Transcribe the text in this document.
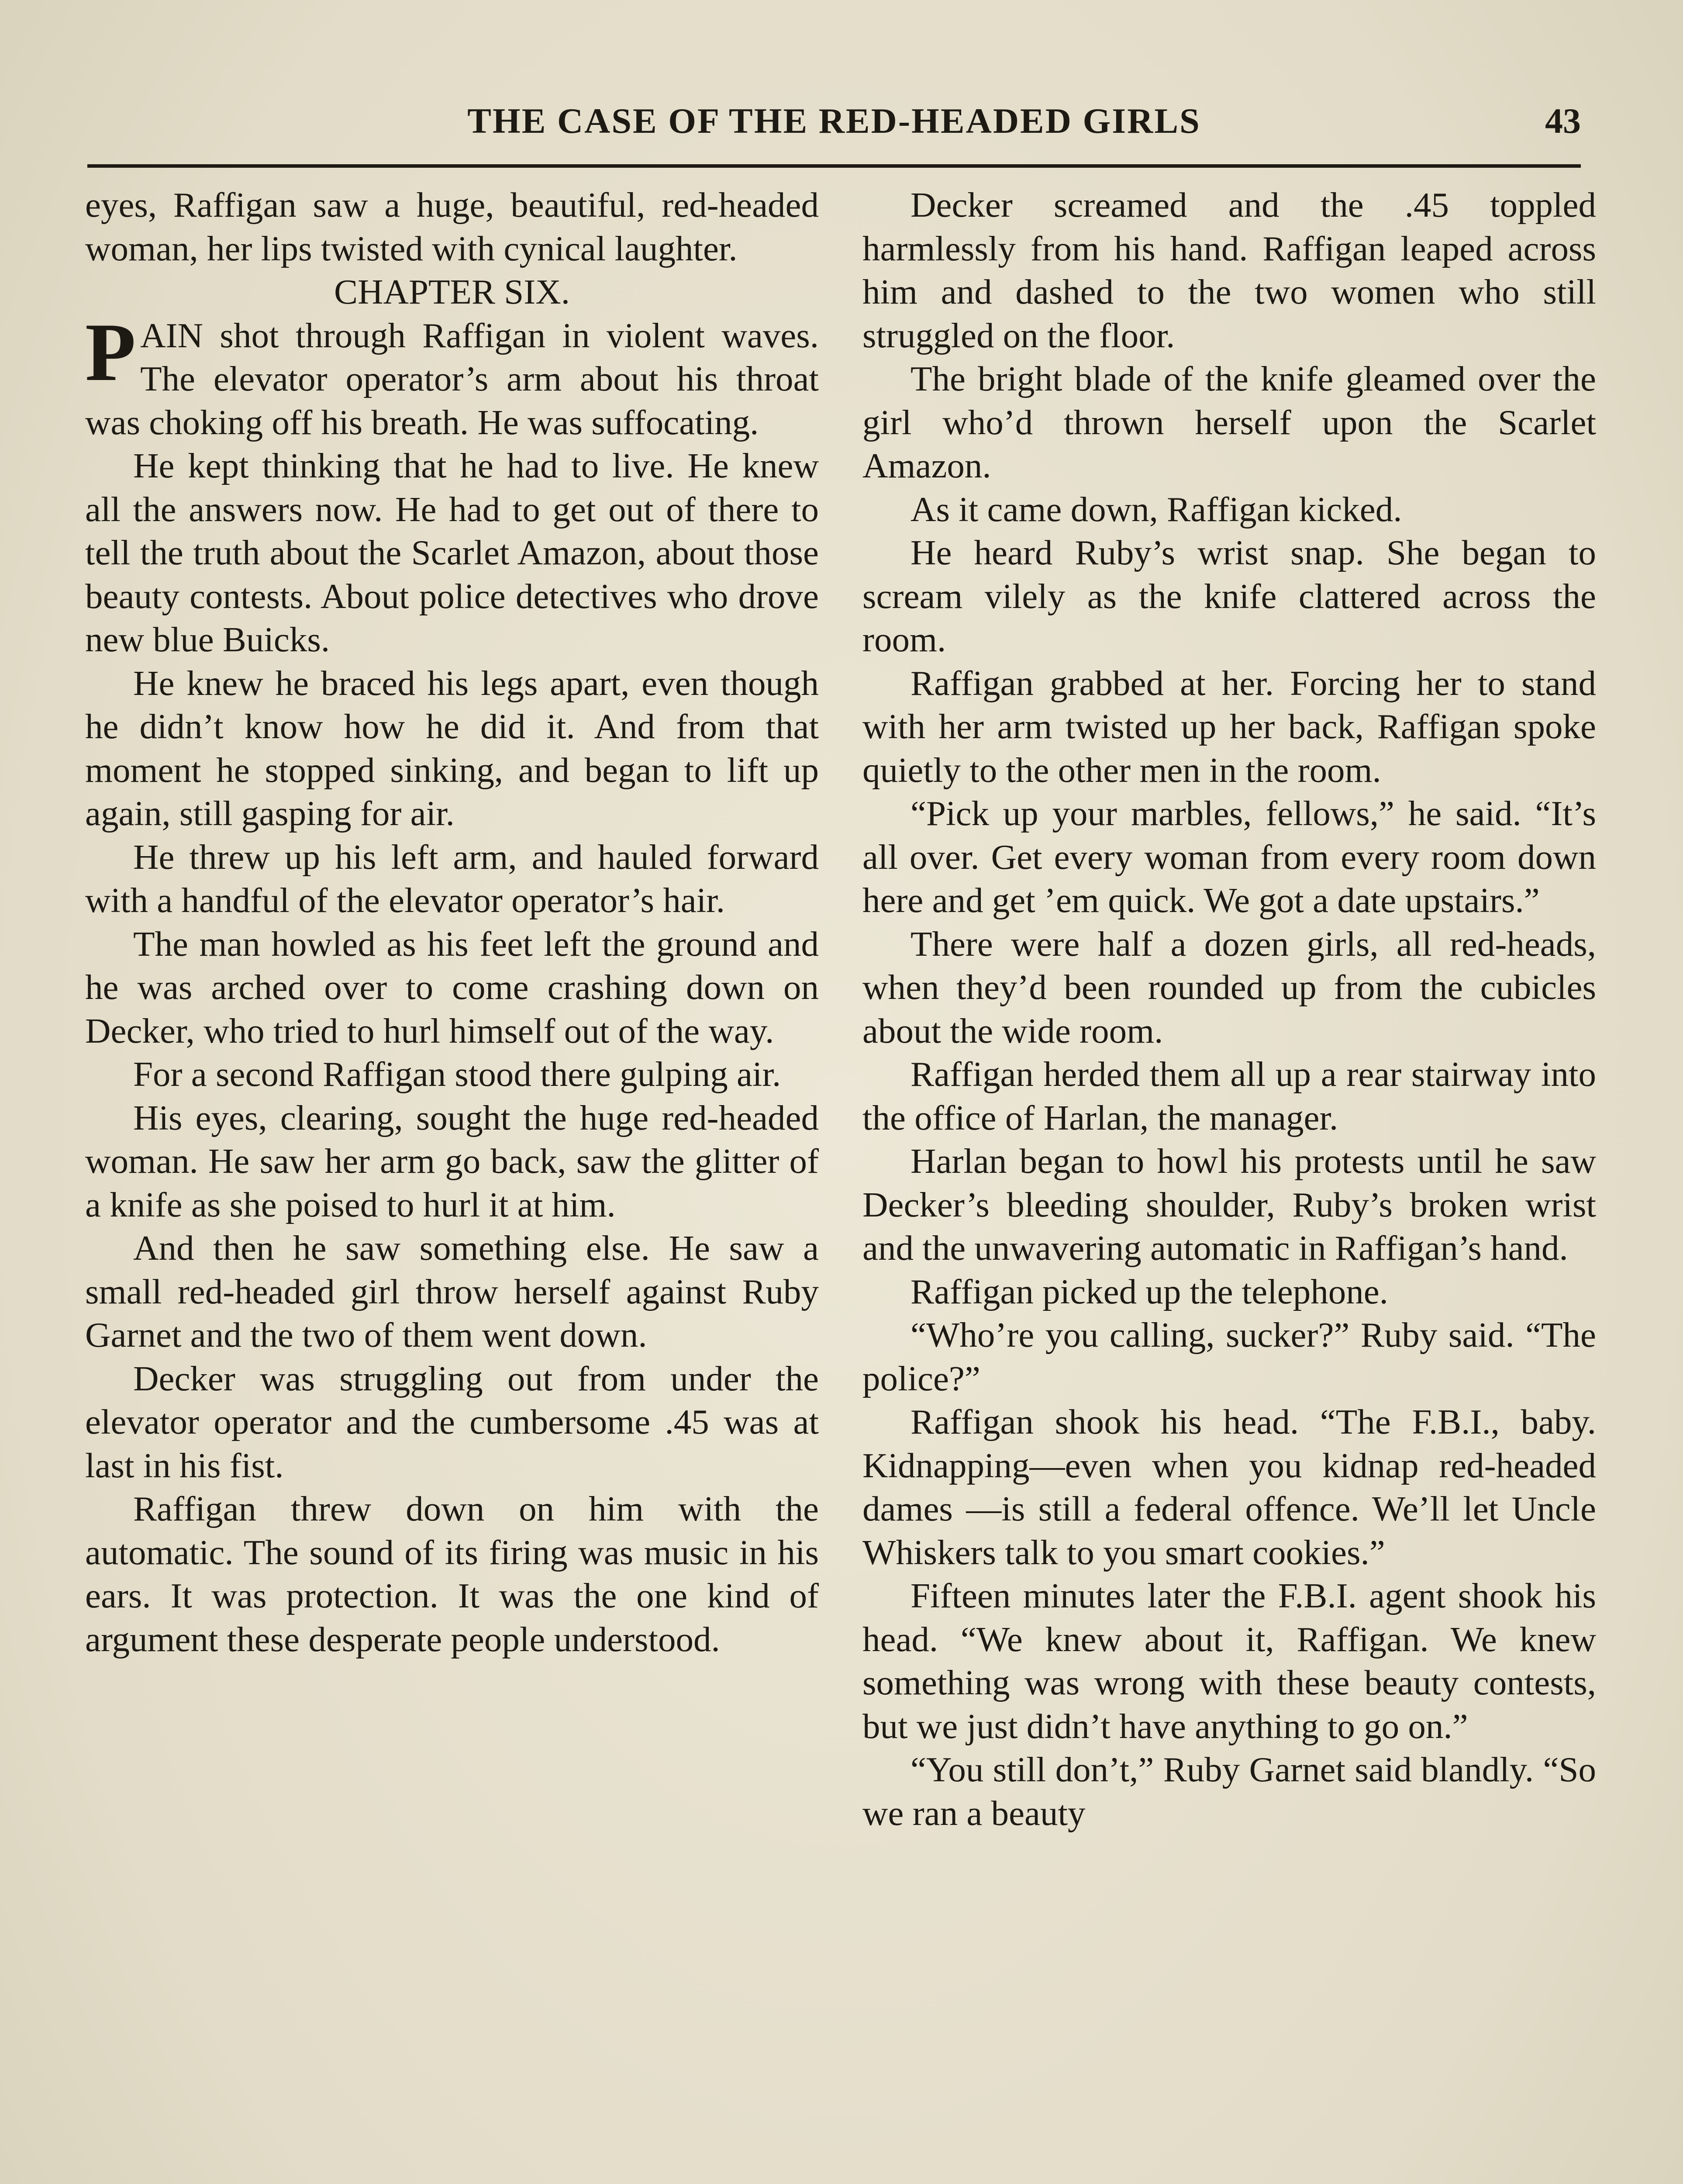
THE CASE OF THE RED-HEADED GIRLS	43

eyes, Raffigan saw a huge, beautiful, red-headed woman, her lips twisted with cynical laughter.

CHAPTER SIX.

PAIN shot through Raffigan in violent waves. The elevator operator’s arm about his throat was choking off his breath. He was suffocating.

He kept thinking that he had to live. He knew all the answers now. He had to get out of there to tell the truth about the Scarlet Amazon, about those beauty contests. About police detectives who drove new blue Buicks.

He knew he braced his legs apart, even though he didn’t know how he did it. And from that moment he stopped sinking, and began to lift up again, still gasping for air.

He threw up his left arm, and hauled forward with a handful of the elevator operator’s hair.

The man howled as his feet left the ground and he was arched over to come crashing down on Decker, who tried to hurl himself out of the way.

For a second Raffigan stood there gulping air.

His eyes, clearing, sought the huge red-headed woman. He saw her arm go back, saw the glitter of a knife as she poised to hurl it at him.

And then he saw something else. He saw a small red-headed girl throw herself against Ruby Garnet and the two of them went down.

Decker was struggling out from under the elevator operator and the cumbersome .45 was at last in his fist.

Raffigan threw down on him with the automatic. The sound of its firing was music in his ears. It was protection. It was the one kind of argument these desperate people understood.

Decker screamed and the .45 toppled harmlessly from his hand. Raffigan leaped across him and dashed to the two women who still struggled on the floor.

The bright blade of the knife gleamed over the girl who’d thrown herself upon the Scarlet Amazon.

As it came down, Raffigan kicked.

He heard Ruby’s wrist snap. She began to scream vilely as the knife clattered across the room.

Raffigan grabbed at her. Forcing her to stand with her arm twisted up her back, Raffigan spoke quietly to the other men in the room.

“Pick up your marbles, fellows,” he said. “It’s all over. Get every woman from every room down here and get ’em quick. We got a date upstairs.”

There were half a dozen girls, all red-heads, when they’d been rounded up from the cubicles about the wide room.

Raffigan herded them all up a rear stairway into the office of Harlan, the manager.

Harlan began to howl his protests until he saw Decker’s bleeding shoulder, Ruby’s broken wrist and the unwavering automatic in Raffigan’s hand.

Raffigan picked up the telephone.

“Who’re you calling, sucker?” Ruby said. “The police?”

Raffigan shook his head. “The F.B.I., baby. Kidnapping—even when you kidnap red-headed dames —is still a federal offence. We’ll let Uncle Whiskers talk to you smart cookies.”

Fifteen minutes later the F.B.I. agent shook his head. “We knew about it, Raffigan. We knew something was wrong with these beauty contests, but we just didn’t have anything to go on.”

“You still don’t,” Ruby Garnet said blandly. “So we ran a beauty
